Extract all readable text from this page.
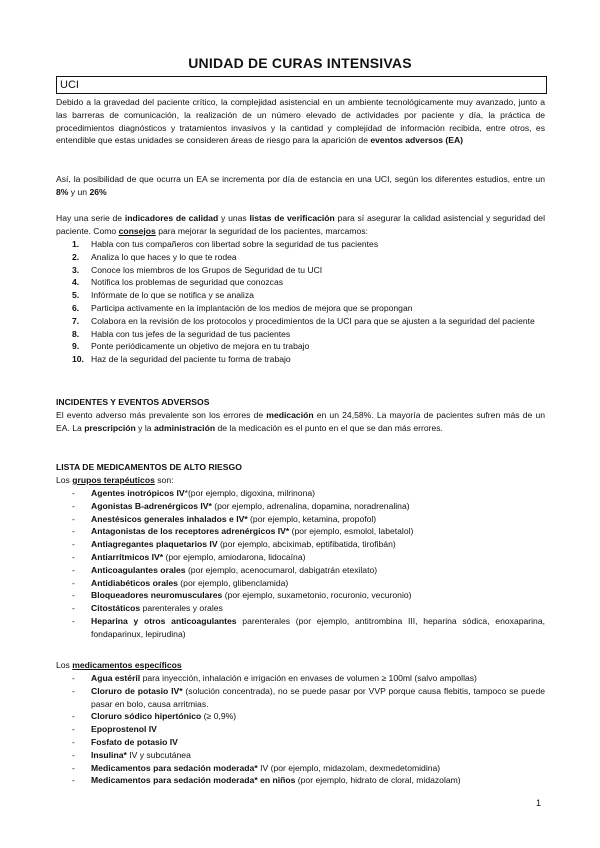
UNIDAD DE CURAS INTENSIVAS
UCI
Debido a la gravedad del paciente crítico, la complejidad asistencial en un ambiente tecnológicamente muy avanzado, junto a las barreras de comunicación, la realización de un número elevado de actividades por paciente y día, la práctica de procedimientos diagnósticos y tratamientos invasivos y la cantidad y complejidad de información recibida, entre otros, es entendible que estas unidades se consideren áreas de riesgo para la aparición de eventos adversos (EA)
Así, la posibilidad de que ocurra un EA se incrementa por día de estancia en una UCI, según los diferentes estudios, entre un 8% y un 26%
Hay una serie de indicadores de calidad y unas listas de verificación para sí asegurar la calidad asistencial y seguridad del paciente. Como consejos para mejorar la seguridad de los pacientes, marcamos:
1. Habla con tus compañeros con libertad sobre la seguridad de tus pacientes
2. Analiza lo que haces y lo que te rodea
3. Conoce los miembros de los Grupos de Seguridad de tu UCI
4. Notifica los problemas de seguridad que conozcas
5. Infórmate de lo que se notifica y se analiza
6. Participa activamente en la implantación de los medios de mejora que se propongan
7. Colabora en la revisión de los protocolos y procedimientos de la UCI para que se ajusten a la seguridad del paciente
8. Habla con tus jefes de la seguridad de tus pacientes
9. Ponte periódicamente un objetivo de mejora en tu trabajo
10. Haz de la seguridad del paciente tu forma de trabajo
INCIDENTES Y EVENTOS ADVERSOS
El evento adverso más prevalente son los errores de medicación en un 24,58%. La mayoría de pacientes sufren más de un EA. La prescripción y la administración de la medicación es el punto en el que se dan más errores.
LISTA DE MEDICAMENTOS DE ALTO RIESGO
Los grupos terapéuticos son:
- Agentes inotrópicos IV*(por ejemplo, digoxina, milrinona)
- Agonistas B-adrenérgicos IV* (por ejemplo, adrenalina, dopamina, noradrenalina)
- Anestésicos generales inhalados e IV* (por ejemplo, ketamina, propofol)
- Antagonistas de los receptores adrenérgicos IV* (por ejemplo, esmolol, labetalol)
- Antiagregantes plaquetarios IV (por ejemplo, abciximab, eptifibatida, tirofibán)
- Antiarrítmicos IV* (por ejemplo, amiodarona, lidocaína)
- Anticoagulantes orales (por ejemplo, acenocumarol, dabigatrán etexilato)
- Antidiabéticos orales (por ejemplo, glibenclamida)
- Bloqueadores neuromusculares (por ejemplo, suxametonio, rocuronio, vecuronio)
- Citostáticos parenterales y orales
- Heparina y otros anticoagulantes parenterales (por ejemplo, antitrombina III, heparina sódica, enoxaparina, fondaparinux, lepirudina)
Los medicamentos específicos
- Agua estéril para inyección, inhalación e irrigación en envases de volumen ≥ 100ml (salvo ampollas)
- Cloruro de potasio IV* (solución concentrada), no se puede pasar por VVP porque causa flebitis, tampoco se puede pasar en bolo, causa arritmias.
- Cloruro sódico hipertónico (≥ 0,9%)
- Epoprostenol IV
- Fosfato de potasio IV
- Insulina* IV y subcutánea
- Medicamentos para sedación moderada* IV (por ejemplo, midazolam, dexmedetomidina)
- Medicamentos para sedación moderada* en niños (por ejemplo, hidrato de cloral, midazolam)
1
